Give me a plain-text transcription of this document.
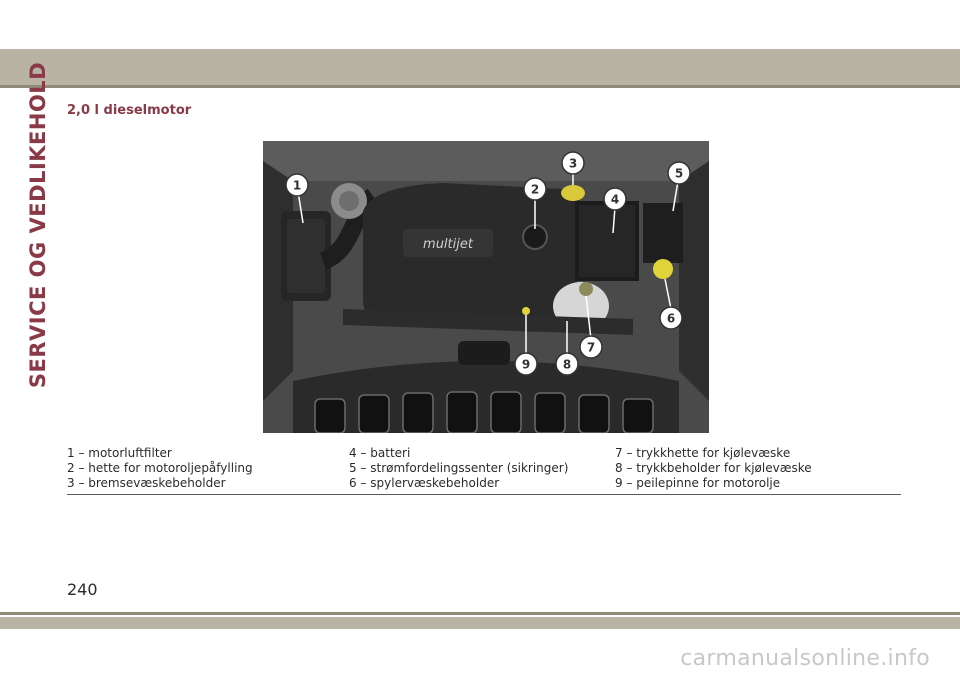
SERVICE OG VEDLIKEHOLD 2,0 l dieselmotor
multijet
1	2
3
4
5
6
7
8
9
1 – motorluftfilter
2 – hette for motoroljepåfylling
3 – bremsevæskebeholder
4 – batteri
5 – strømfordelingssenter (sikringer)
6 – spylervæskebeholder
7 – trykkhette for kjølevæske
8 – trykkbeholder for kjølevæske
9 – peilepinne for motorolje
240
carmanualsonline.info
